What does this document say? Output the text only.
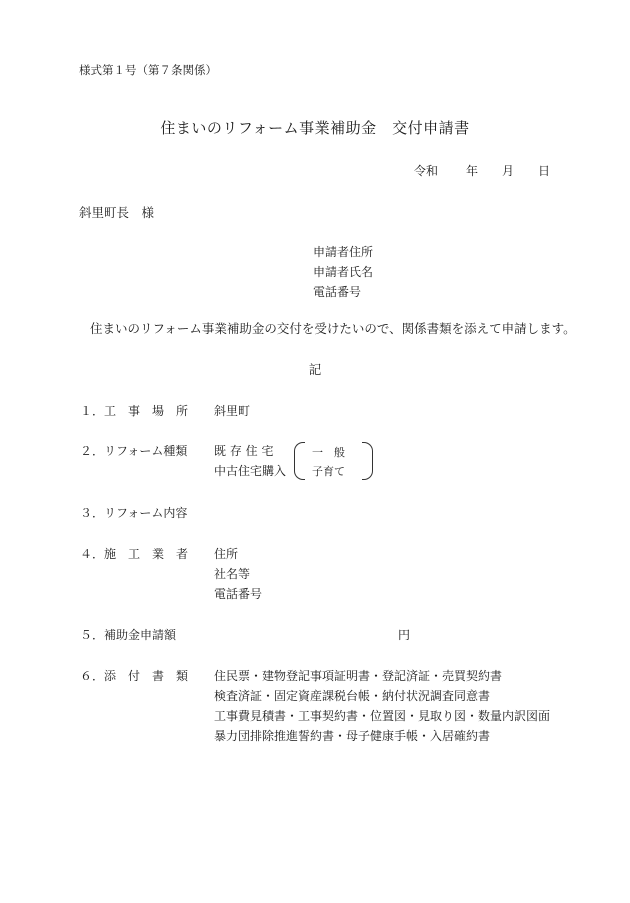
様式第１号（第７条関係）
住まいのリフォーム事業補助金　交付申請書
令和 年 月 日
斜里町長　様
申請者住所
申請者氏名
電話番号
住まいのリフォーム事業補助金の交付を受けたいので、関係書類を添えて申請します。
記
１．工　事　場　所 斜里町
２．リフォーム種類 既 存 住 宅
中古住宅購入
一　般
子育て
３．リフォーム内容
４．施　工　業　者 住所
社名等
電話番号
５．補助金申請額	円
６．添　付　書　類 住民票・建物登記事項証明書・登記済証・売買契約書
検査済証・固定資産課税台帳・納付状況調査同意書
工事費見積書・工事契約書・位置図・見取り図・数量内訳図面
暴力団排除推進誓約書・母子健康手帳・入居確約書
